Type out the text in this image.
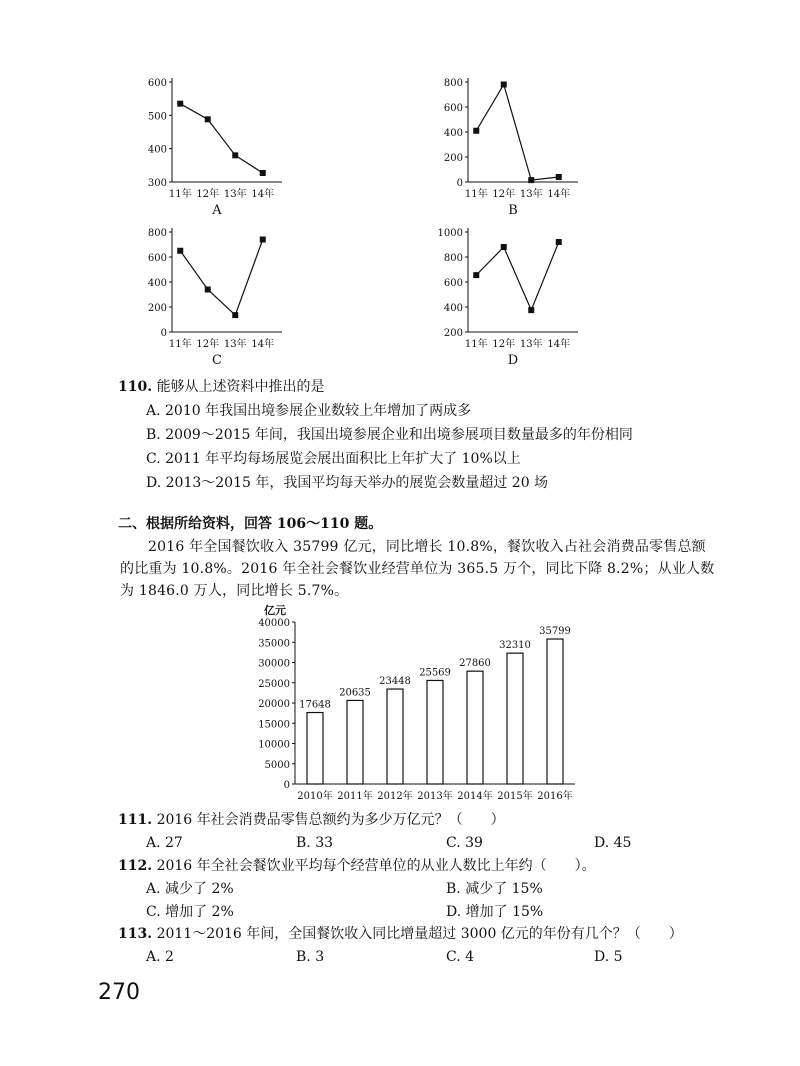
600
500
400
300
11年 12年 13年 14年
A
800
600
400
200
0
11年 12年 13年 14年
B
800
600
400
200
0
11年 12年 13年 14年
C
1000
800
600
400
200
11年 12年 13年 14年
D
110. 能够从上述资料中推出的是
A. 2010 年我国出境参展企业数较上年增加了两成多
B. 2009～2015 年间，我国出境参展企业和出境参展项目数量最多的年份相同
C. 2011 年平均每场展览会展出面积比上年扩大了 10%以上
D. 2013～2015 年，我国平均每天举办的展览会数量超过 20 场
二、根据所给资料，回答 106～110 题。
2016 年全国餐饮收入 35799 亿元，同比增长 10.8%，餐饮收入占社会消费品零售总额的比重为 10.8%。2016 年全社会餐饮业经营单位为 365.5 万个，同比下降 8.2%；从业人数为 1846.0 万人，同比增长 5.7%。
亿元
40000
35000
30000
25000
20000
15000
10000
5000
0
17648
2010年
20635
2011年
23448
2012年
25569
2013年
27860
2014年
32310
2015年
35799
2016年
111. 2016 年社会消费品零售总额约为多少万亿元？（　　）
A. 27	B. 33	C. 39	D. 45
112. 2016 年全社会餐饮业平均每个经营单位的从业人数比上年约（　　）。
A. 减少了 2%	B. 减少了 15%
C. 增加了 2%	D. 增加了 15%
113. 2011～2016 年间，全国餐饮收入同比增量超过 3000 亿元的年份有几个？（　　）
A. 2	B. 3	C. 4	D. 5
270
